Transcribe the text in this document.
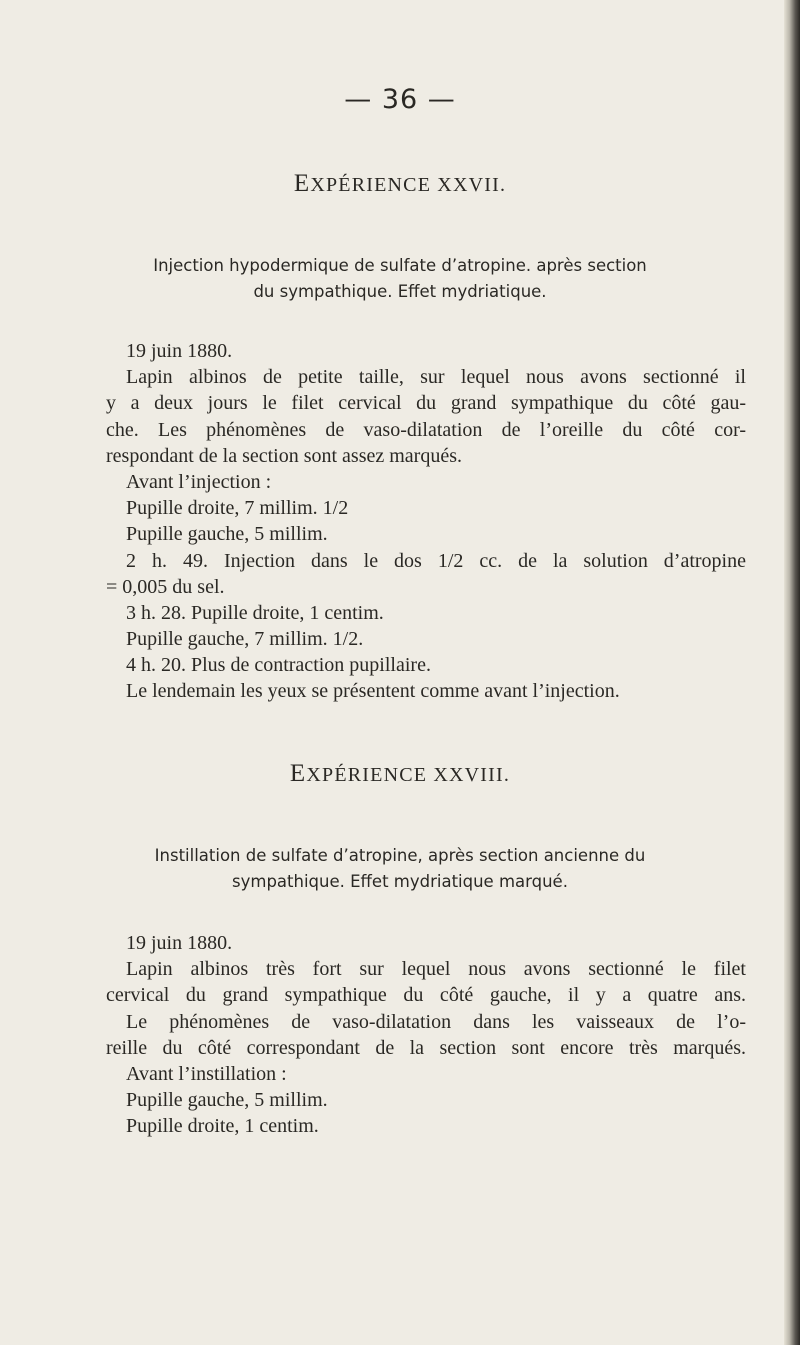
— 36 —
EXPÉRIENCE XXVII.
Injection hypodermique de sulfate d’atropine. après section
du sympathique. Effet mydriatique.
19 juin 1880.
Lapin albinos de petite taille, sur lequel nous avons sectionné il
y a deux jours le filet cervical du grand sympathique du côté gau-
che. Les phénomènes de vaso-dilatation de l’oreille du côté cor-
respondant de la section sont assez marqués.
Avant l’injection :
Pupille droite, 7 millim. 1/2
Pupille gauche, 5 millim.
2 h. 49. Injection dans le dos 1/2 cc. de la solution d’atropine
= 0,005 du sel.
3 h. 28. Pupille droite, 1 centim.
Pupille gauche, 7 millim. 1/2.
4 h. 20. Plus de contraction pupillaire.
Le lendemain les yeux se présentent comme avant l’injection.
EXPÉRIENCE XXVIII.
Instillation de sulfate d’atropine, après section ancienne du
sympathique. Effet mydriatique marqué.
19 juin 1880.
Lapin albinos très fort sur lequel nous avons sectionné le filet
cervical du grand sympathique du côté gauche, il y a quatre ans.
Le phénomènes de vaso-dilatation dans les vaisseaux de l’o-
reille du côté correspondant de la section sont encore très marqués.
Avant l’instillation :
Pupille gauche, 5 millim.
Pupille droite, 1 centim.
